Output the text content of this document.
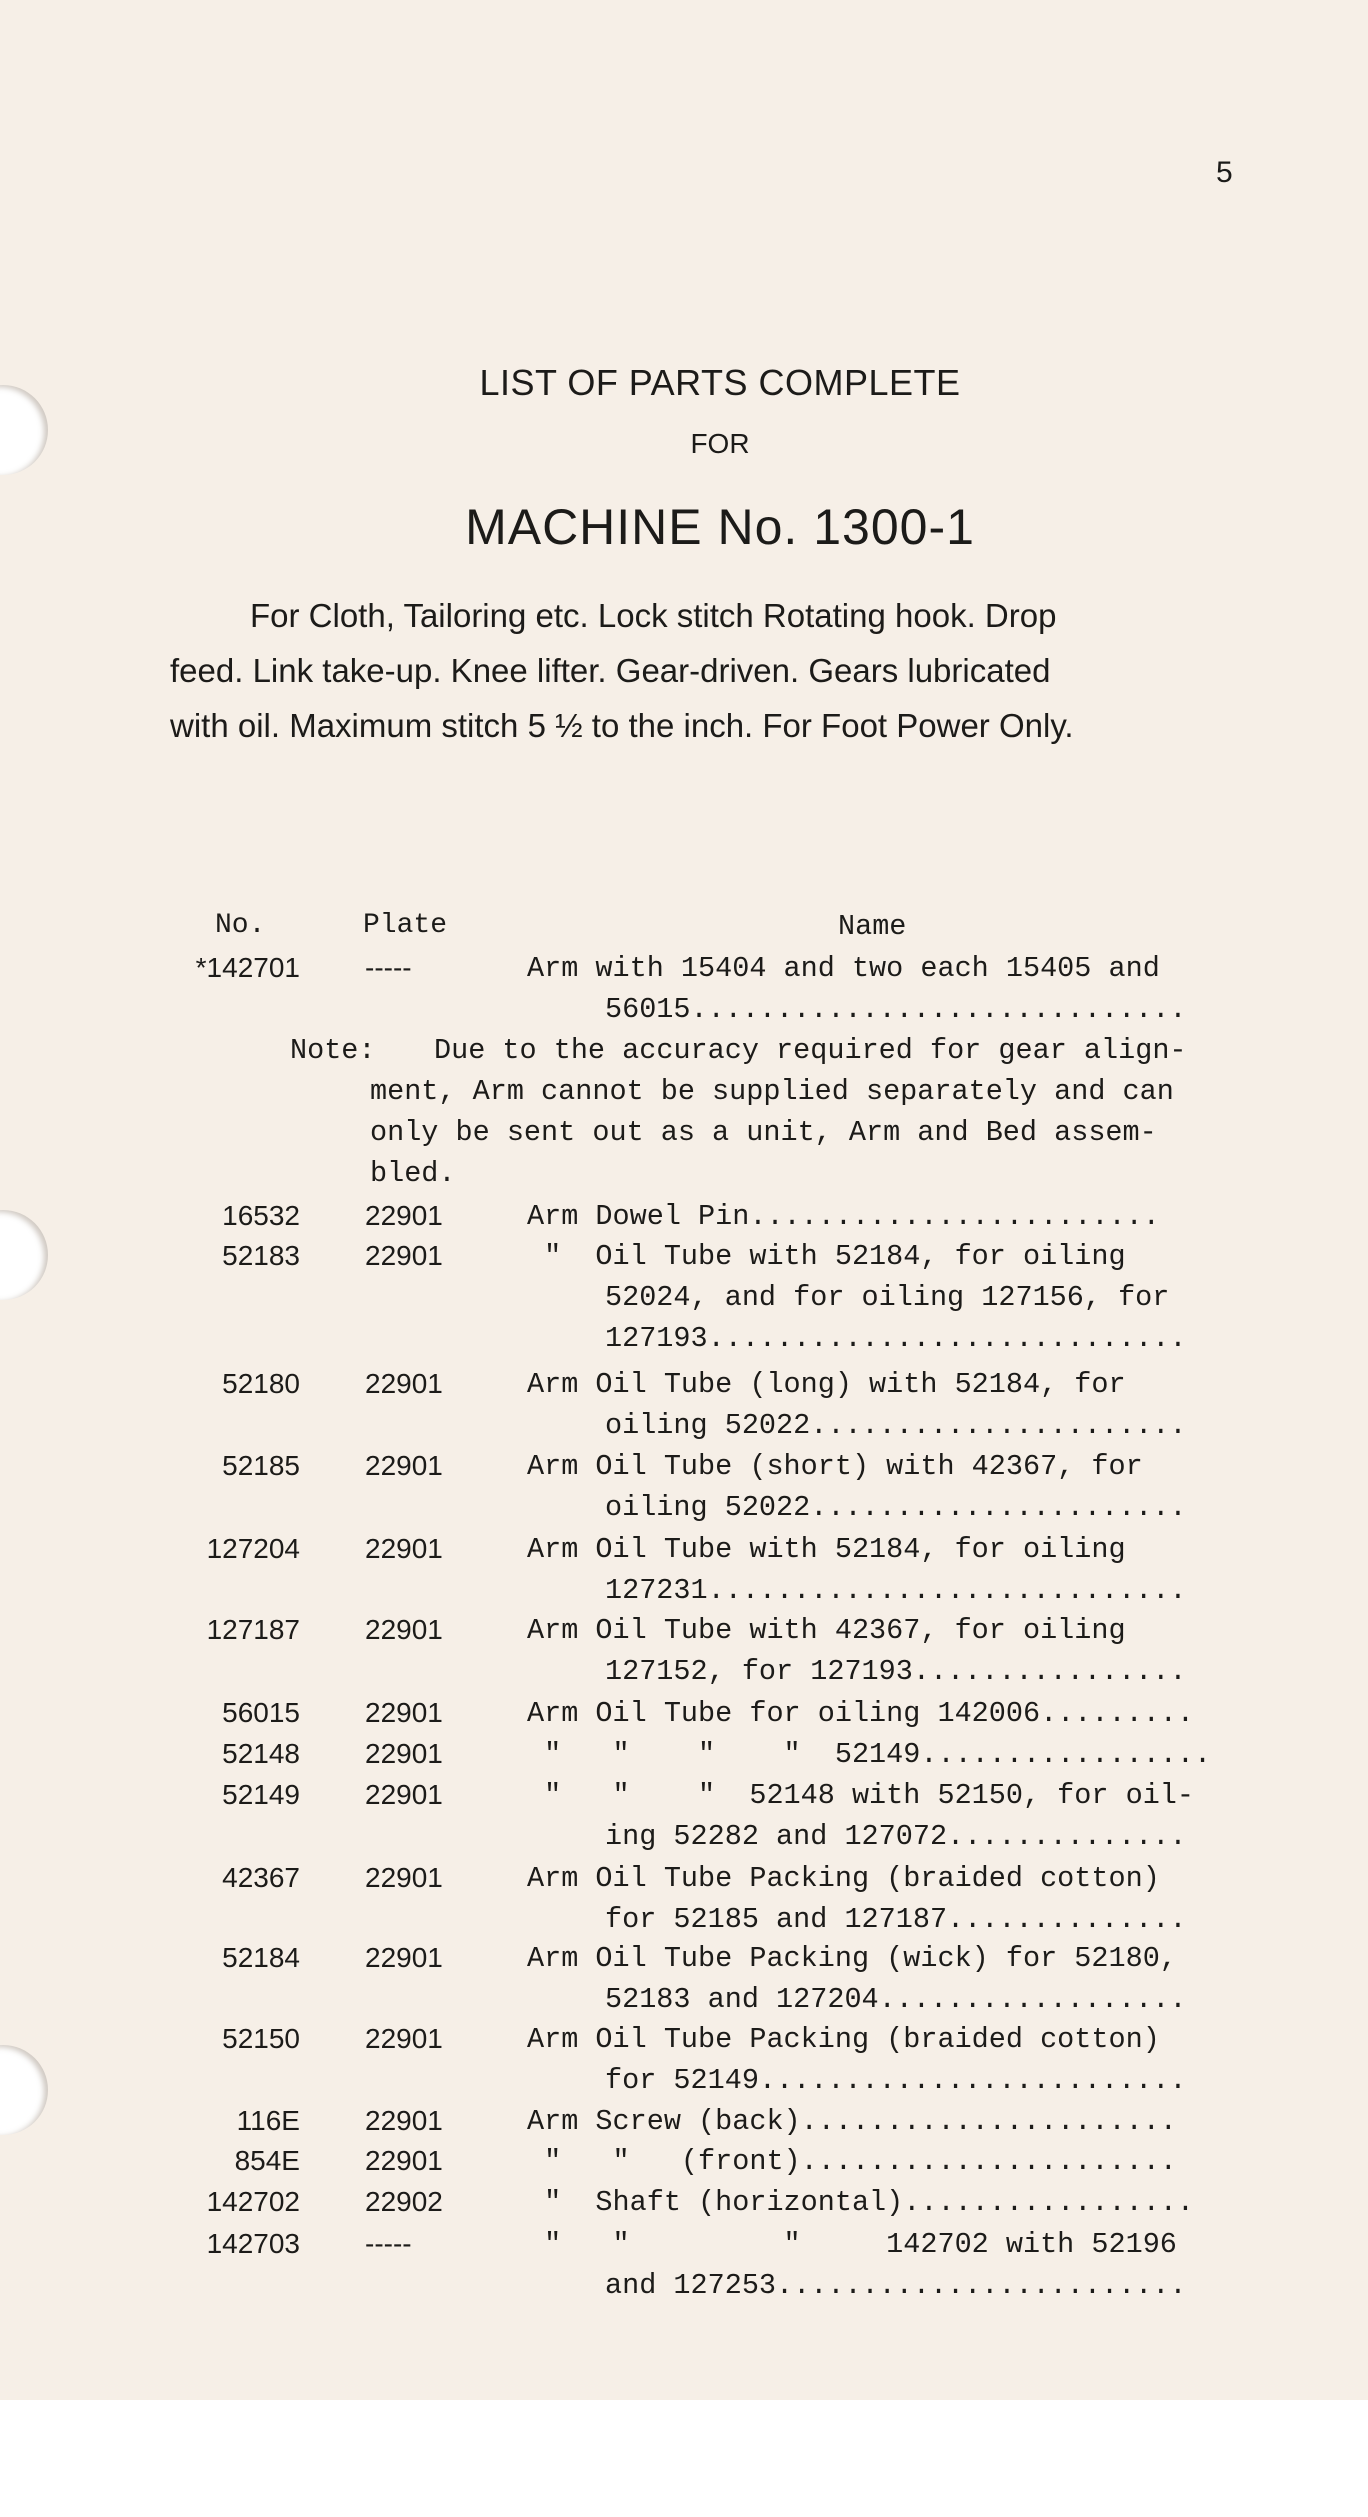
5
LIST OF PARTS COMPLETE
FOR
MACHINE No. 1300-1
For Cloth, Tailoring etc. Lock stitch Rotating hook. Drop
feed. Link take-up. Knee lifter. Gear-driven. Gears lubricated
with oil. Maximum stitch 5 ½ to the inch. For Foot Power Only.
No.	Plate	Name
*142701 -----	Arm with 15404 and two each 15405 and
56015.............................
16532 22901	Arm Dowel Pin........................
52183 22901	"  Oil Tube with 52184, for oiling
52024, and for oiling 127156, for
127193............................
52180 22901	Arm Oil Tube (long) with 52184, for
oiling 52022......................
52185 22901	Arm Oil Tube (short) with 42367, for
oiling 52022......................
127204 22901	Arm Oil Tube with 52184, for oiling
127231............................
127187 22901	Arm Oil Tube with 42367, for oiling
127152, for 127193................
56015 22901	Arm Oil Tube for oiling 142006.........
52148 22901	"   "    "    "  52149.................
52149 22901	"   "    "  52148 with 52150, for oil-
ing 52282 and 127072..............
42367 22901	Arm Oil Tube Packing (braided cotton)
for 52185 and 127187..............
52184 22901	Arm Oil Tube Packing (wick) for 52180,
52183 and 127204..................
52150 22901	Arm Oil Tube Packing (braided cotton)
for 52149.........................
116E 22901	Arm Screw (back)......................
854E 22901	"   "   (front)......................
142702 22902	"  Shaft (horizontal).................
142703 -----	"   "         "     142702 with 52196
and 127253........................
Note: Due to the accuracy required for gear align-
ment, Arm cannot be supplied separately and can
only be sent out as a unit, Arm and Bed assem-
bled.
